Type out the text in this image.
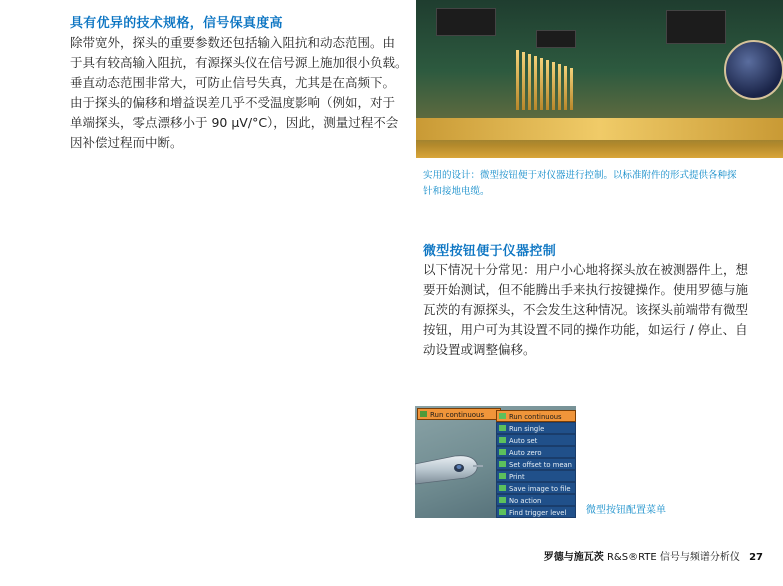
具有优异的技术规格，信号保真度高

除带宽外，探头的重要参数还包括输入阻抗和动态范围。由

于具有较高输入阻抗，有源探头仪在信号源上施加很小负载。

垂直动态范围非常大，可防止信号失真，尤其是在高频下。

由于探头的偏移和增益误差几乎不受温度影响（例如，对于

单端探头，零点漂移小于 90 µV/°C），因此，测量过程不会

因补偿过程而中断。

实用的设计：微型按钮便于对仪器进行控制。以标准附件的形式提供各种探
针和接地电缆。
微型按钮便于仪器控制

以下情况十分常见：用户小心地将探头放在被测器件上，想

要开始测试，但不能腾出手来执行按键操作。使用罗德与施

瓦茨的有源探头，不会发生这种情况。该探头前端带有微型

按钮，用户可为其设置不同的操作功能，如运行 / 停止、自

动设置或调整偏移。

Run continuous	Run continuous
Run single
Auto set
Auto zero
Set offset to mean
Print
Save image to file
No action
Find trigger level	微型按钮配置菜单
罗德与施瓦茨 R&S®RTE 信号与频谱分析仪 27
